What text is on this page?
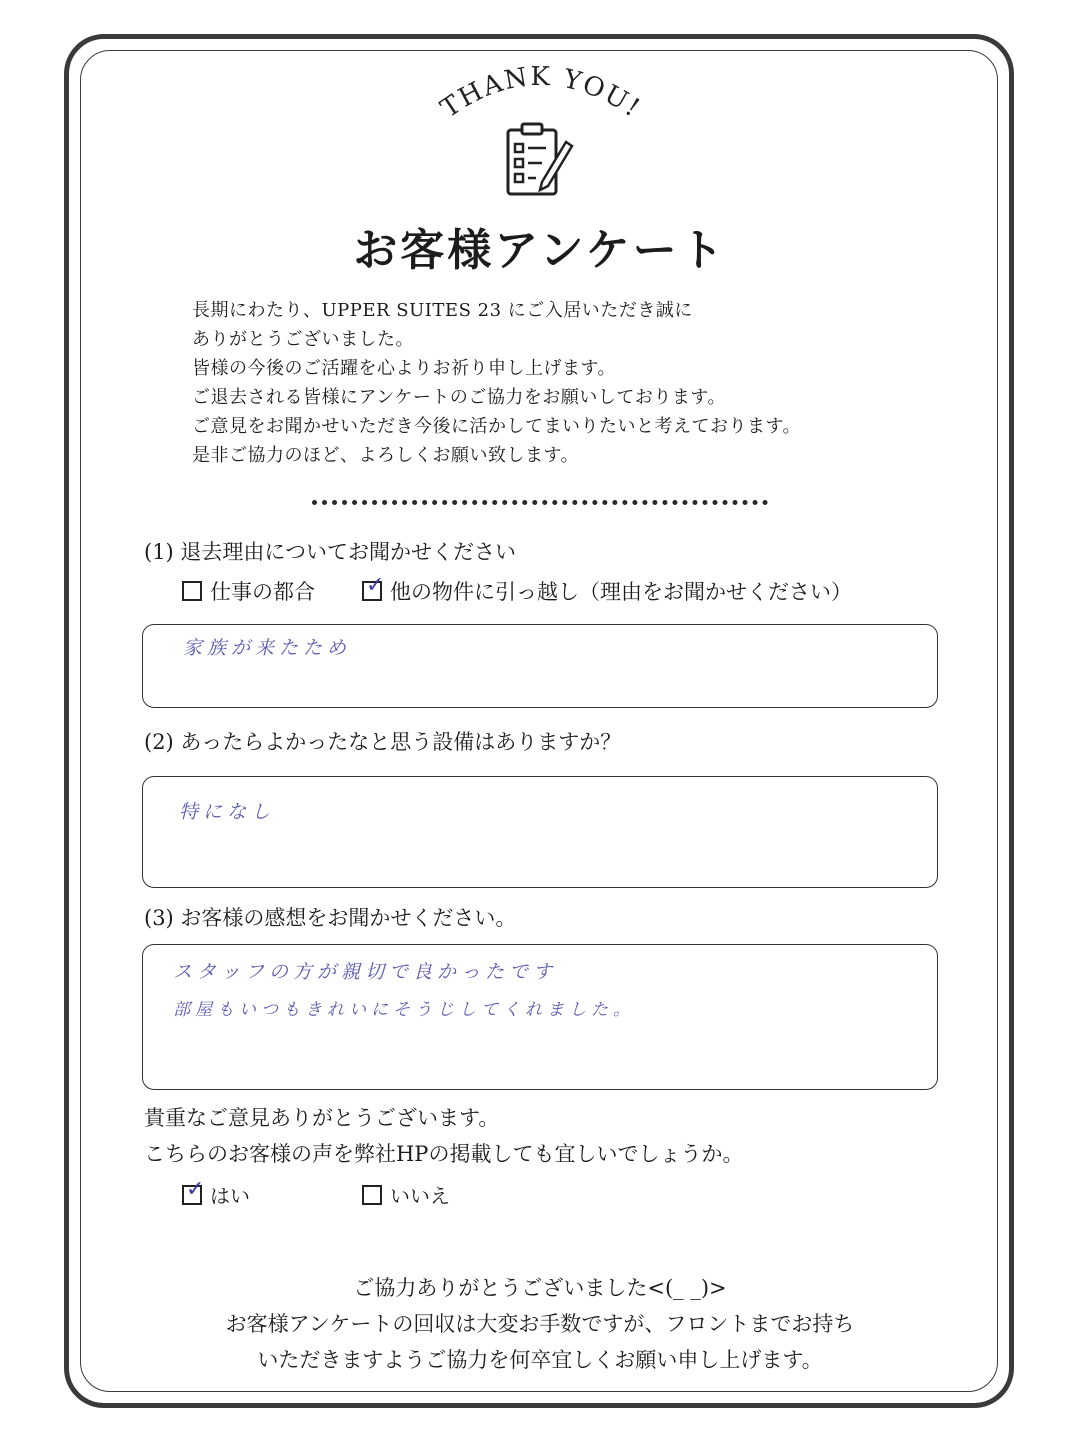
THANK YOU!
お客様アンケート
長期にわたり、UPPER SUITES 23 にご入居いただき誠に
ありがとうございました。
皆様の今後のご活躍を心よりお祈り申し上げます。
ご退去される皆様にアンケートのご協力をお願いしております。
ご意見をお聞かせいただき今後に活かしてまいりたいと考えております。
是非ご協力のほど、よろしくお願い致します。
(1) 退去理由についてお聞かせください
仕事の都合 ✓ 他の物件に引っ越し（理由をお聞かせください）
家族が来たため
(2) あったらよかったなと思う設備はありますか？
特になし
(3) お客様の感想をお聞かせください。
スタッフの方が親切で良かったです
部屋もいつもきれいにそうじしてくれました。
貴重なご意見ありがとうございます。
こちらのお客様の声を弊社HPの掲載しても宜しいでしょうか。
✓ はい	いいえ
ご協力ありがとうございました<(_ _)>
お客様アンケートの回収は大変お手数ですが、フロントまでお持ち
いただきますようご協力を何卒宜しくお願い申し上げます。
